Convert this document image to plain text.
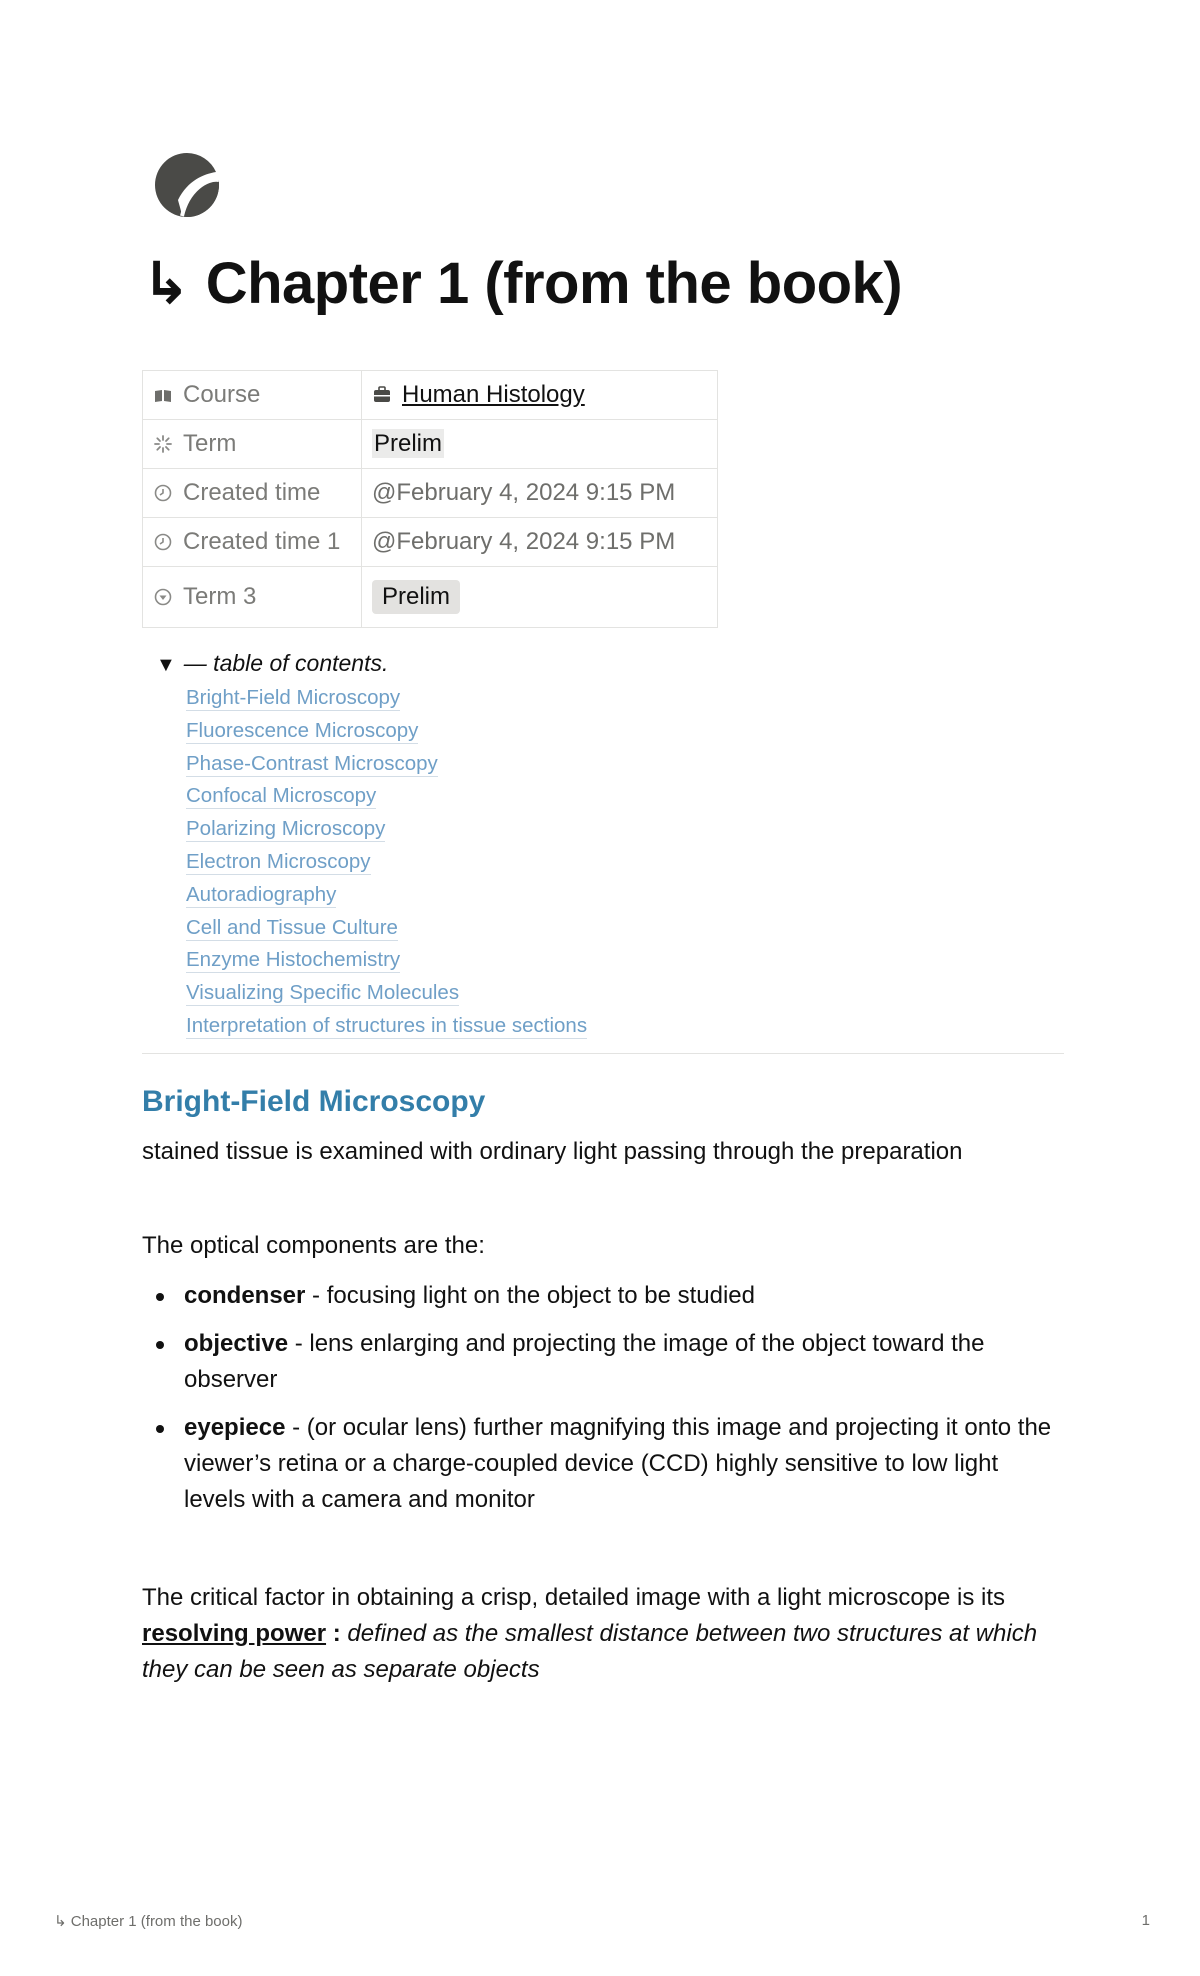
↳ Chapter 1 (from the book)
Course	Human Histology

Term	Prelim

Created time	@February 4, 2024 9:15 PM

Created time 1	@February 4, 2024 9:15 PM

Term 3	Prelim
▼ — table of contents.
Bright-Field Microscopy
Fluorescence Microscopy
Phase-Contrast Microscopy
Confocal Microscopy
Polarizing Microscopy
Electron Microscopy
Autoradiography
Cell and Tissue Culture
Enzyme Histochemistry
Visualizing Specific Molecules
Interpretation of structures in tissue sections
Bright-Field Microscopy

stained tissue is examined with ordinary light passing through the preparation

The optical components are the:

condenser - focusing light on the object to be studied
objective - lens enlarging and projecting the image of the object toward the observer
eyepiece - (or ocular lens) further magnifying this image and projecting it onto the viewer’s retina or a charge-coupled device (CCD) highly sensitive to low light levels with a camera and monitor

The critical factor in obtaining a crisp, detailed image with a light microscope is its resolving power : defined as the smallest distance between two structures at which they can be seen as separate objects

↳ Chapter 1 (from the book)	1
